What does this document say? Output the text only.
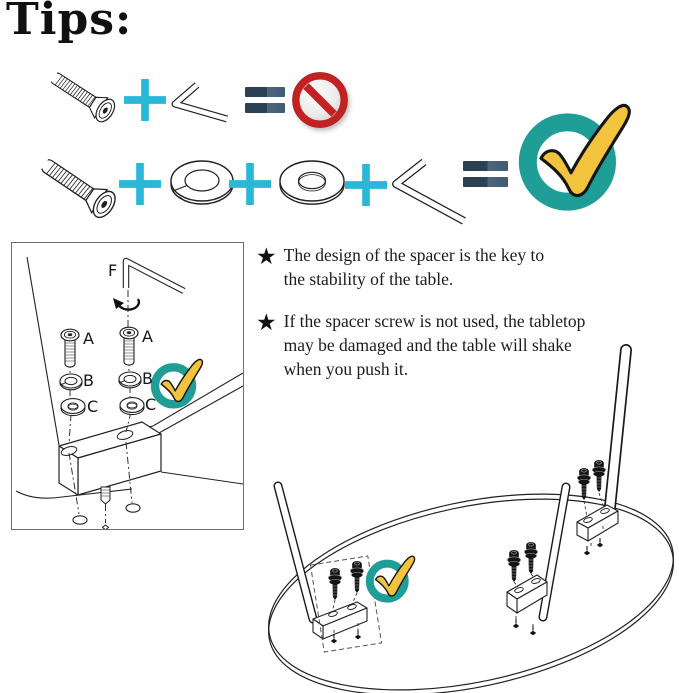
Tips:
F
A	A
B	B
C	C
★ The design of the spacer is the key to
the stability of the table.
★ If the spacer screw is not used, the tabletop
may be damaged and the table will shake
when you push it.
